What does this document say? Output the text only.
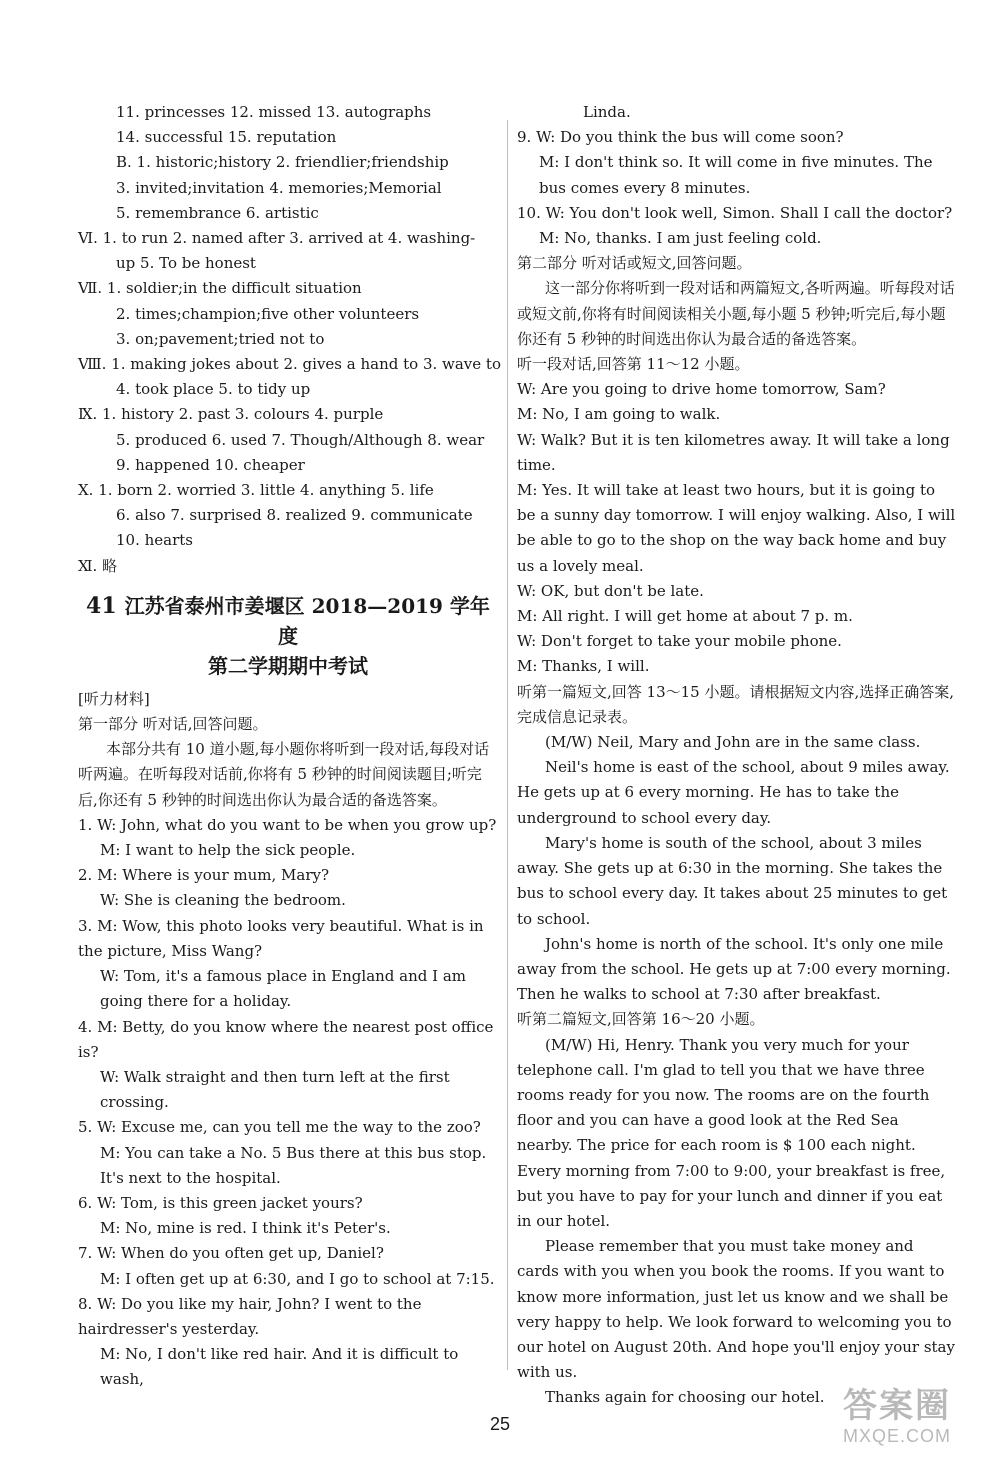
11. princesses 12. missed 13. autographs
14. successful 15. reputation
B. 1. historic;history 2. friendlier;friendship
3. invited;invitation 4. memories;Memorial
5. remembrance 6. artistic
Ⅵ. 1. to run 2. named after 3. arrived at 4. washing-
up 5. To be honest
Ⅶ. 1. soldier;in the difficult situation
2. times;champion;five other volunteers
3. on;pavement;tried not to
Ⅷ. 1. making jokes about 2. gives a hand to 3. wave to
4. took place 5. to tidy up
Ⅸ. 1. history 2. past 3. colours 4. purple
5. produced 6. used 7. Though/Although 8. wear
9. happened 10. cheaper
Ⅹ. 1. born 2. worried 3. little 4. anything 5. life
6. also 7. surprised 8. realized 9. communicate
10. hearts
Ⅺ. 略
41 江苏省泰州市姜堰区 2018—2019 学年度
第二学期期中考试
[听力材料]
第一部分 听对话,回答问题。
本部分共有 10 道小题,每小题你将听到一段对话,每段对话听两遍。在听每段对话前,你将有 5 秒钟的时间阅读题目;听完后,你还有 5 秒钟的时间选出你认为最合适的备选答案。
1. W: John, what do you want to be when you grow up?
M: I want to help the sick people.
2. M: Where is your mum, Mary?
W: She is cleaning the bedroom.
3. M: Wow, this photo looks very beautiful. What is in the picture, Miss Wang?
W: Tom, it's a famous place in England and I am going there for a holiday.
4. M: Betty, do you know where the nearest post office is?
W: Walk straight and then turn left at the first crossing.
5. W: Excuse me, can you tell me the way to the zoo?
M: You can take a No. 5 Bus there at this bus stop. It's next to the hospital.
6. W: Tom, is this green jacket yours?
M: No, mine is red. I think it's Peter's.
7. W: When do you often get up, Daniel?
M: I often get up at 6:30, and I go to school at 7:15.
8. W: Do you like my hair, John? I went to the hairdresser's yesterday.
M: No, I don't like red hair. And it is difficult to wash,
Linda.
9. W: Do you think the bus will come soon?
M: I don't think so. It will come in five minutes. The bus comes every 8 minutes.
10. W: You don't look well, Simon. Shall I call the doctor?
M: No, thanks. I am just feeling cold.
第二部分 听对话或短文,回答问题。
这一部分你将听到一段对话和两篇短文,各听两遍。听每段对话或短文前,你将有时间阅读相关小题,每小题 5 秒钟;听完后,每小题你还有 5 秒钟的时间选出你认为最合适的备选答案。
听一段对话,回答第 11～12 小题。
W: Are you going to drive home tomorrow, Sam?
M: No, I am going to walk.
W: Walk? But it is ten kilometres away. It will take a long time.
M: Yes. It will take at least two hours, but it is going to be a sunny day tomorrow. I will enjoy walking. Also, I will be able to go to the shop on the way back home and buy us a lovely meal.
W: OK, but don't be late.
M: All right. I will get home at about 7 p. m.
W: Don't forget to take your mobile phone.
M: Thanks, I will.
听第一篇短文,回答 13～15 小题。请根据短文内容,选择正确答案,完成信息记录表。
(M/W) Neil, Mary and John are in the same class.
Neil's home is east of the school, about 9 miles away. He gets up at 6 every morning. He has to take the underground to school every day.
Mary's home is south of the school, about 3 miles away. She gets up at 6:30 in the morning. She takes the bus to school every day. It takes about 25 minutes to get to school.
John's home is north of the school. It's only one mile away from the school. He gets up at 7:00 every morning. Then he walks to school at 7:30 after breakfast.
听第二篇短文,回答第 16～20 小题。
(M/W) Hi, Henry. Thank you very much for your telephone call. I'm glad to tell you that we have three rooms ready for you now. The rooms are on the fourth floor and you can have a good look at the Red Sea nearby. The price for each room is $ 100 each night. Every morning from 7:00 to 9:00, your breakfast is free, but you have to pay for your lunch and dinner if you eat in our hotel.
Please remember that you must take money and cards with you when you book the rooms. If you want to know more information, just let us know and we shall be very happy to help. We look forward to welcoming you to our hotel on August 20th. And hope you'll enjoy your stay with us.
Thanks again for choosing our hotel.
25	答案圈
MXQE.COM
